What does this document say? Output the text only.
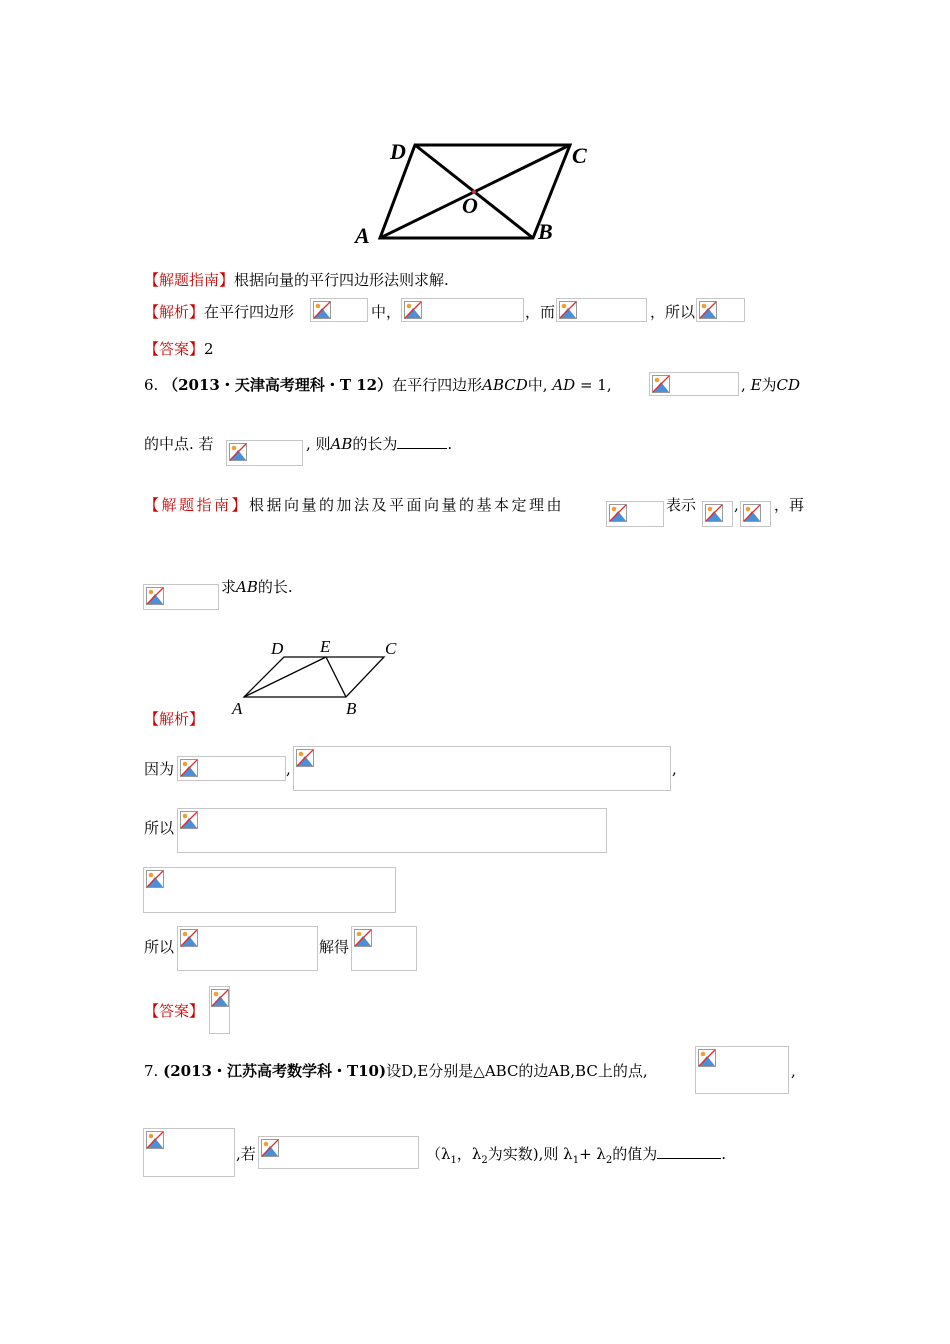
D	C
O
A	B
【解题指南】根据向量的平行四边形法则求解.
【解析】在平行四边形	中，	，而	，所以
【答案】2
6. （2013・天津高考理科・T 12）在平行四边形ABCD中, AD = 1,	, E为CD
的中点. 若	, 则AB的长为	.
【解题指南】根据向量的加法及平面向量的基本定理由	表示	, ，再
求AB的长.
D E	C
A	B
【解析】
因为	,	,
所以
所以	解得
【答案】
7. (2013・江苏高考数学科・T10)设D,E分别是△ABC的边AB,BC上的点,	,
,若	（$\lambda_1$，$\lambda_2$为实数),则 $\lambda_1+ \lambda_2$的值为	.
